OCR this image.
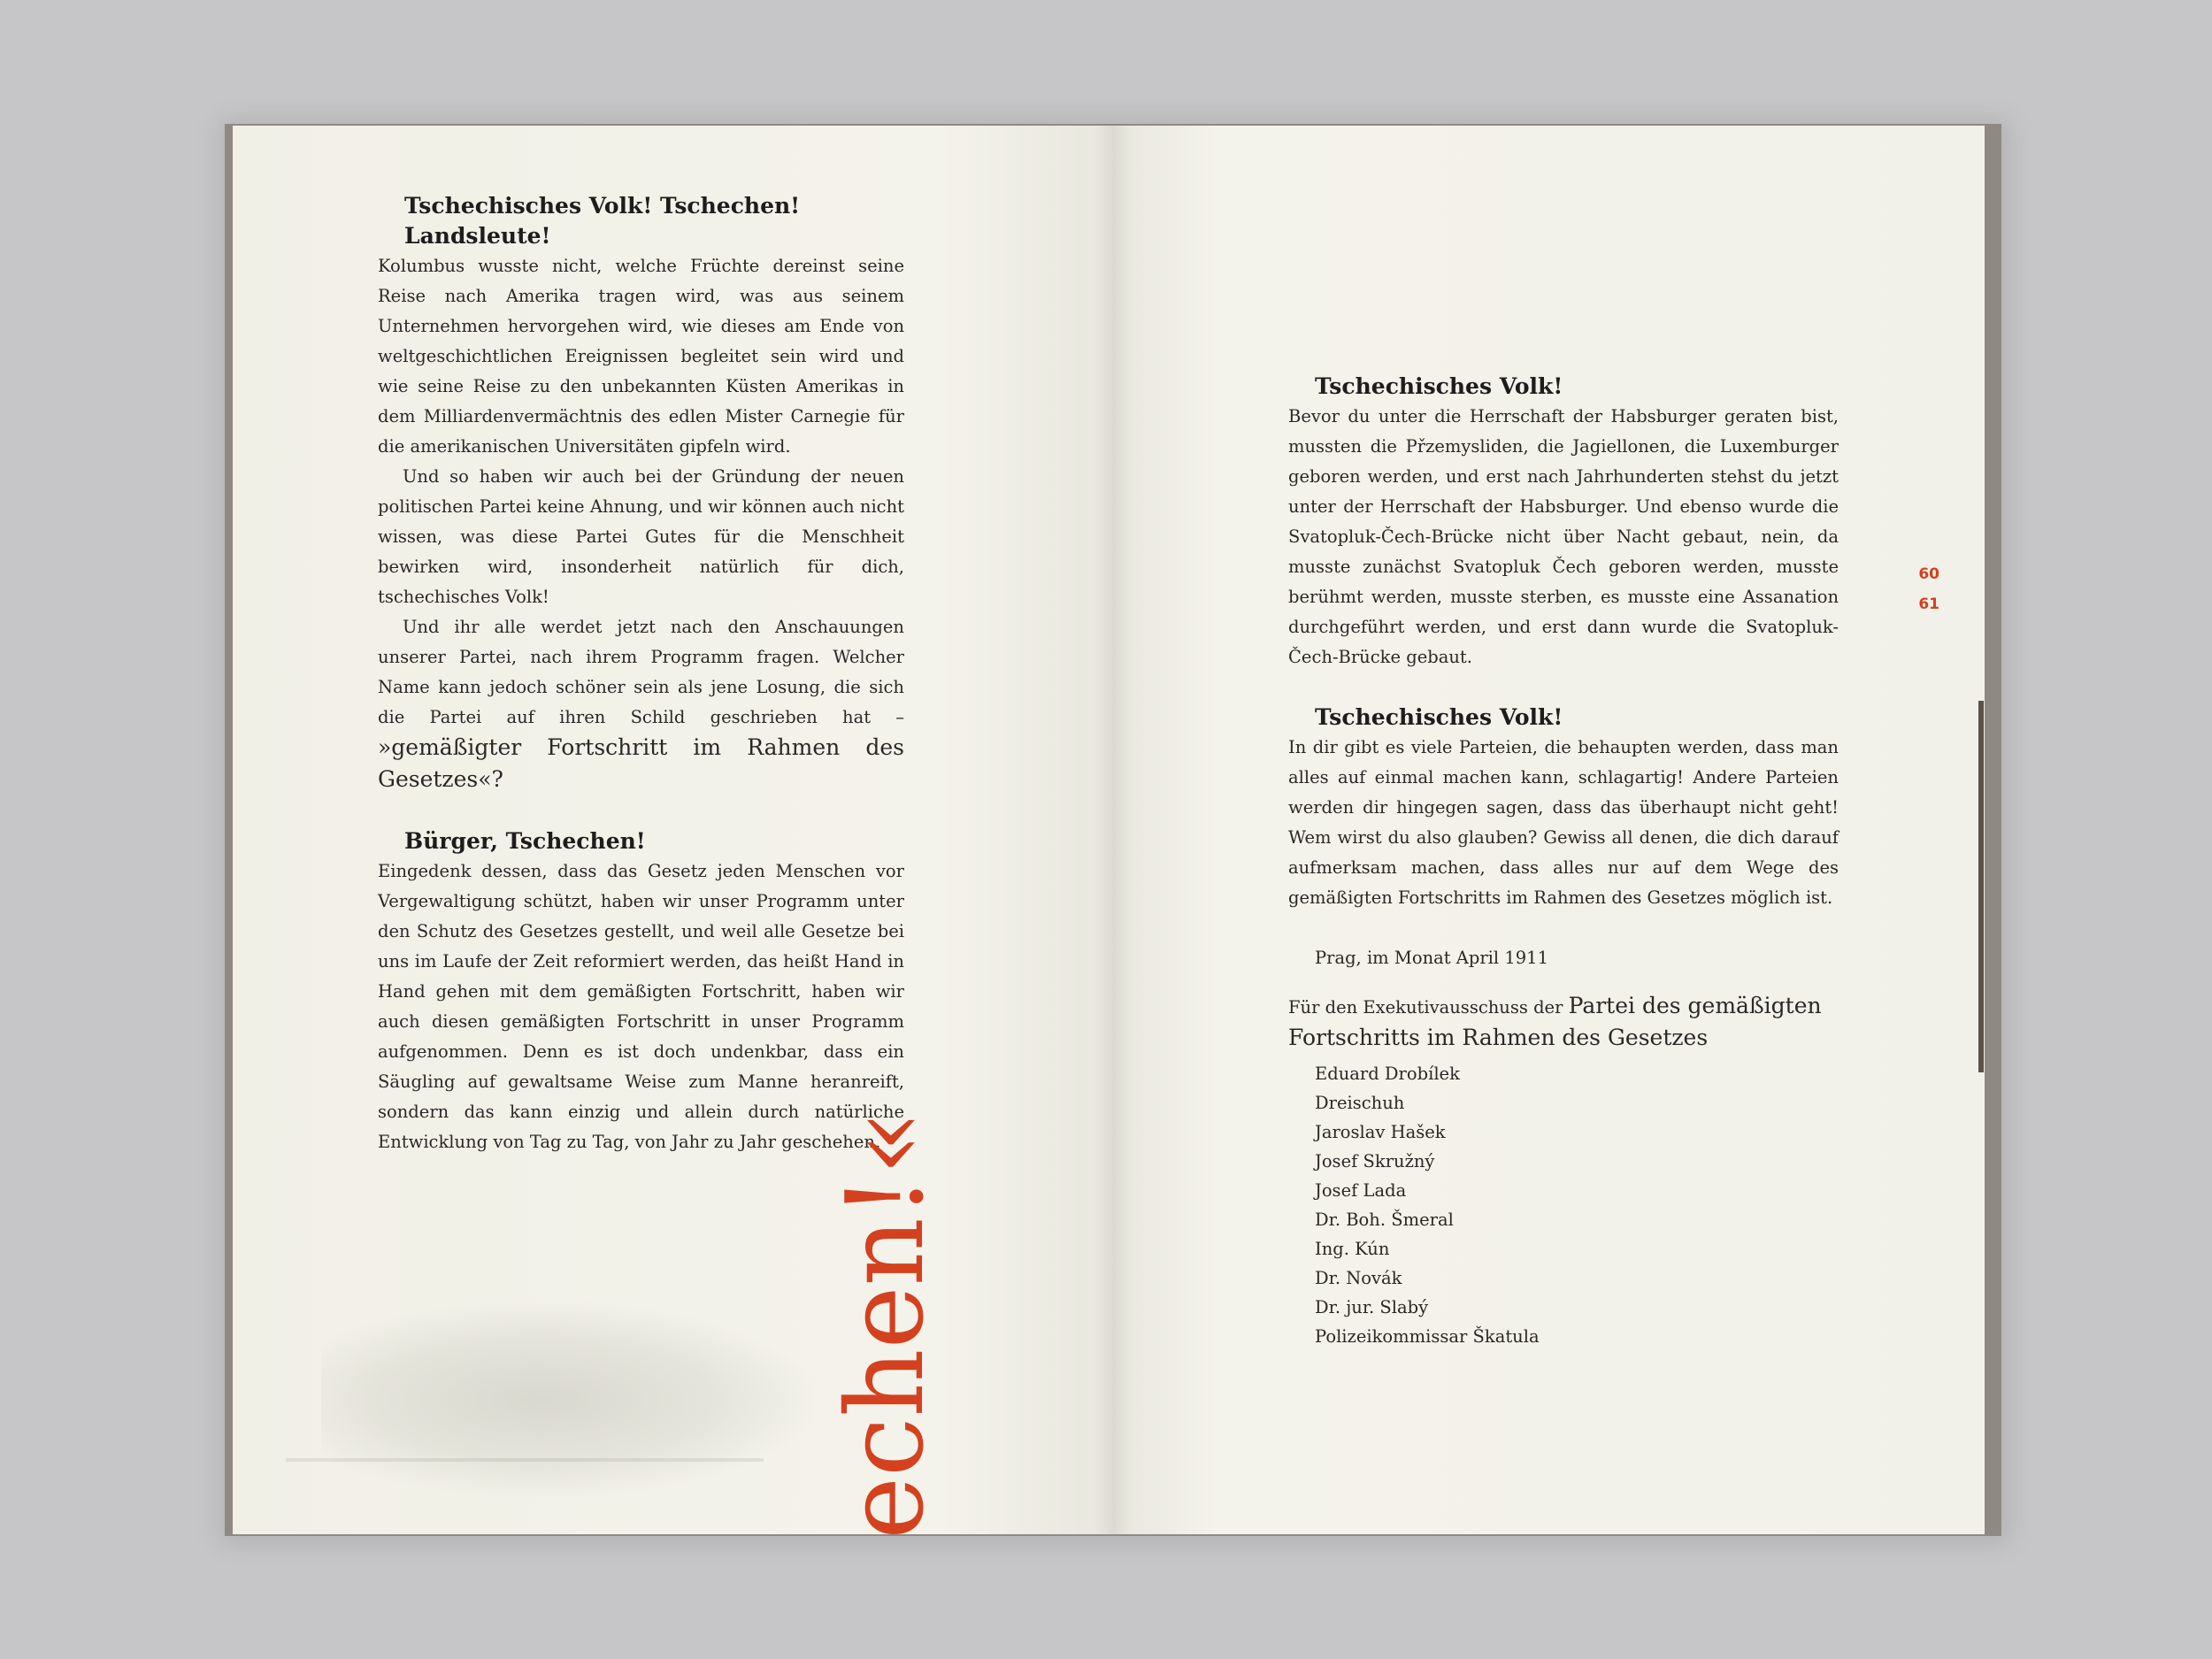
Tschechisches Volk! Tschechen! Landsleute!

Kolumbus wusste nicht, welche Früchte dereinst seine Reise nach Amerika tragen wird, was aus seinem Unternehmen hervorgehen wird, wie dieses am Ende von weltgeschichtlichen Ereignissen begleitet sein wird und wie seine Reise zu den unbekannten Küsten Amerikas in dem Milliardenvermächtnis des edlen Mister Carnegie für die amerikanischen Universitäten gipfeln wird.

Und so haben wir auch bei der Gründung der neuen politischen Partei keine Ahnung, und wir können auch nicht wissen, was diese Partei Gutes für die Menschheit bewirken wird, insonderheit natürlich für dich, tschechisches Volk!

Und ihr alle werdet jetzt nach den Anschauungen unserer Partei, nach ihrem Programm fragen. Welcher Name kann jedoch schöner sein als jene Losung, die sich die Partei auf ihren Schild geschrieben hat – »gemäßigter Fortschritt im Rahmen des Gesetzes«?

Bürger, Tschechen!

Eingedenk dessen, dass das Gesetz jeden Menschen vor Vergewaltigung schützt, haben wir unser Programm unter den Schutz des Gesetzes gestellt, und weil alle Gesetze bei uns im Laufe der Zeit reformiert werden, das heißt Hand in Hand gehen mit dem gemäßigten Fortschritt, haben wir auch diesen gemäßigten Fortschritt in unser Programm aufgenommen. Denn es ist doch undenkbar, dass ein Säugling auf gewaltsame Weise zum Manne heranreift, sondern das kann einzig und allein durch natürliche Entwicklung von Tag zu Tag, von Jahr zu Jahr geschehen.

echen!«
Tschechisches Volk!

Bevor du unter die Herrschaft der Habsburger geraten bist, mussten die Přzemysliden, die Jagiellonen, die Luxemburger geboren werden, und erst nach Jahrhunderten stehst du jetzt unter der Herrschaft der Habsburger. Und ebenso wurde die Svatopluk-Čech-Brücke nicht über Nacht gebaut, nein, da musste zunächst Svatopluk Čech geboren werden, musste berühmt werden, musste sterben, es musste eine Assanation durchgeführt werden, und erst dann wurde die Svatopluk-Čech-Brücke gebaut.

Tschechisches Volk!

In dir gibt es viele Parteien, die behaupten werden, dass man alles auf einmal machen kann, schlagartig! Andere Parteien werden dir hingegen sagen, dass das überhaupt nicht geht! Wem wirst du also glauben? Gewiss all denen, die dich darauf aufmerksam machen, dass alles nur auf dem Wege des gemäßigten Fortschritts im Rahmen des Gesetzes möglich ist.

Prag, im Monat April 1911

Für den Exekutivausschuss der Partei des gemäßigten Fortschritts im Rahmen des Gesetzes

Eduard Drobílek
Dreischuh
Jaroslav Hašek
Josef Skružný
Josef Lada
Dr. Boh. Šmeral
Ing. Kún
Dr. Novák
Dr. jur. Slabý
Polizeikommissar Škatula
60
61
